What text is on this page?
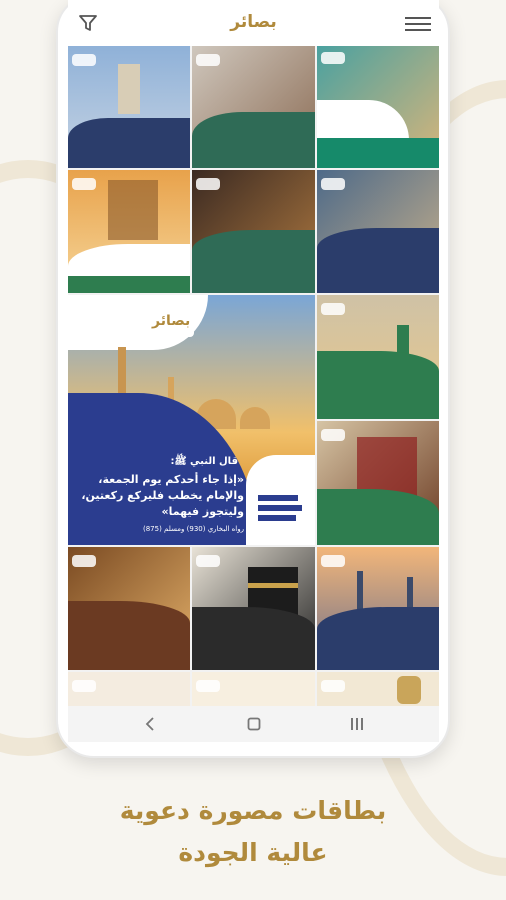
بصائر
بصائر
قال النبي ﷺ:
«إذا جاء أحدكم يوم الجمعة،
والإمام يخطب فليركع ركعتين،
وليتجوز فيهما»
رواه البخاري (930) ومسلم (875)
بطاقات مصورة دعوية
عالية الجودة
